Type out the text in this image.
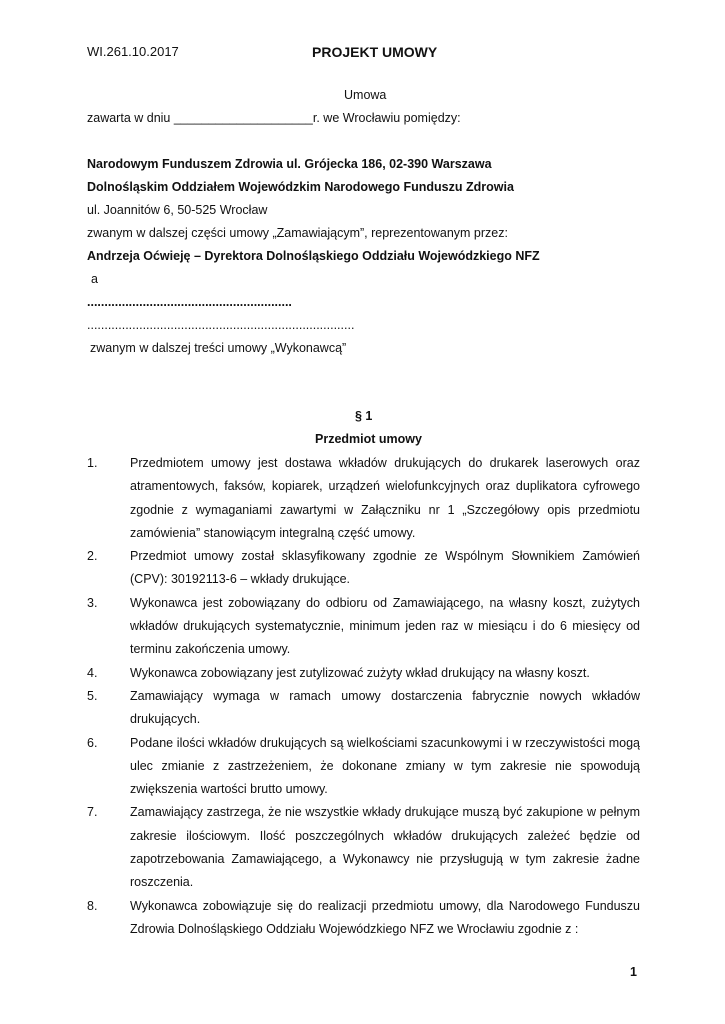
WI.261.10.2017	PROJEKT UMOWY
Umowa
zawarta w dniu ____________________r. we Wrocławiu pomiędzy:
Narodowym Funduszem Zdrowia ul. Grójecka 186, 02-390 Warszawa
Dolnośląskim Oddziałem Wojewódzkim Narodowego Funduszu Zdrowia
ul. Joannitów 6, 50-525 Wrocław
zwanym w dalszej części umowy „Zamawiającym”, reprezentowanym przez:
Andrzeja Oćwieję – Dyrektora Dolnośląskiego Oddziału Wojewódzkiego NFZ
a
...........................................................
.............................................................................
zwanym w dalszej treści umowy „Wykonawcą”
§ 1
Przedmiot umowy
1.	Przedmiotem umowy jest dostawa wkładów drukujących do drukarek laserowych oraz atramentowych, faksów, kopiarek, urządzeń wielofunkcyjnych oraz duplikatora cyfrowego zgodnie z wymaganiami zawartymi w Załączniku nr 1 „Szczegółowy opis przedmiotu zamówienia” stanowiącym integralną część umowy.
2.	Przedmiot umowy został sklasyfikowany zgodnie ze Wspólnym Słownikiem Zamówień (CPV): 30192113-6 – wkłady drukujące.
3.	Wykonawca jest zobowiązany do odbioru od Zamawiającego, na własny koszt, zużytych wkładów drukujących systematycznie, minimum jeden raz w miesiącu i do 6 miesięcy od terminu zakończenia umowy.
4.	Wykonawca zobowiązany jest zutylizować zużyty wkład drukujący na własny koszt.
5.	Zamawiający wymaga w ramach umowy dostarczenia fabrycznie nowych wkładów drukujących.
6.	Podane ilości wkładów drukujących są wielkościami szacunkowymi i w rzeczywistości mogą ulec zmianie z zastrzeżeniem, że dokonane zmiany w tym zakresie nie spowodują zwiększenia wartości brutto umowy.
7.	Zamawiający zastrzega, że nie wszystkie wkłady drukujące muszą być zakupione w pełnym zakresie ilościowym. Ilość poszczególnych wkładów drukujących zależeć będzie od zapotrzebowania Zamawiającego, a Wykonawcy nie przysługują w tym zakresie żadne roszczenia.
8.	Wykonawca zobowiązuje się do realizacji przedmiotu umowy, dla Narodowego Funduszu Zdrowia Dolnośląskiego Oddziału Wojewódzkiego NFZ we Wrocławiu zgodnie z :
1
